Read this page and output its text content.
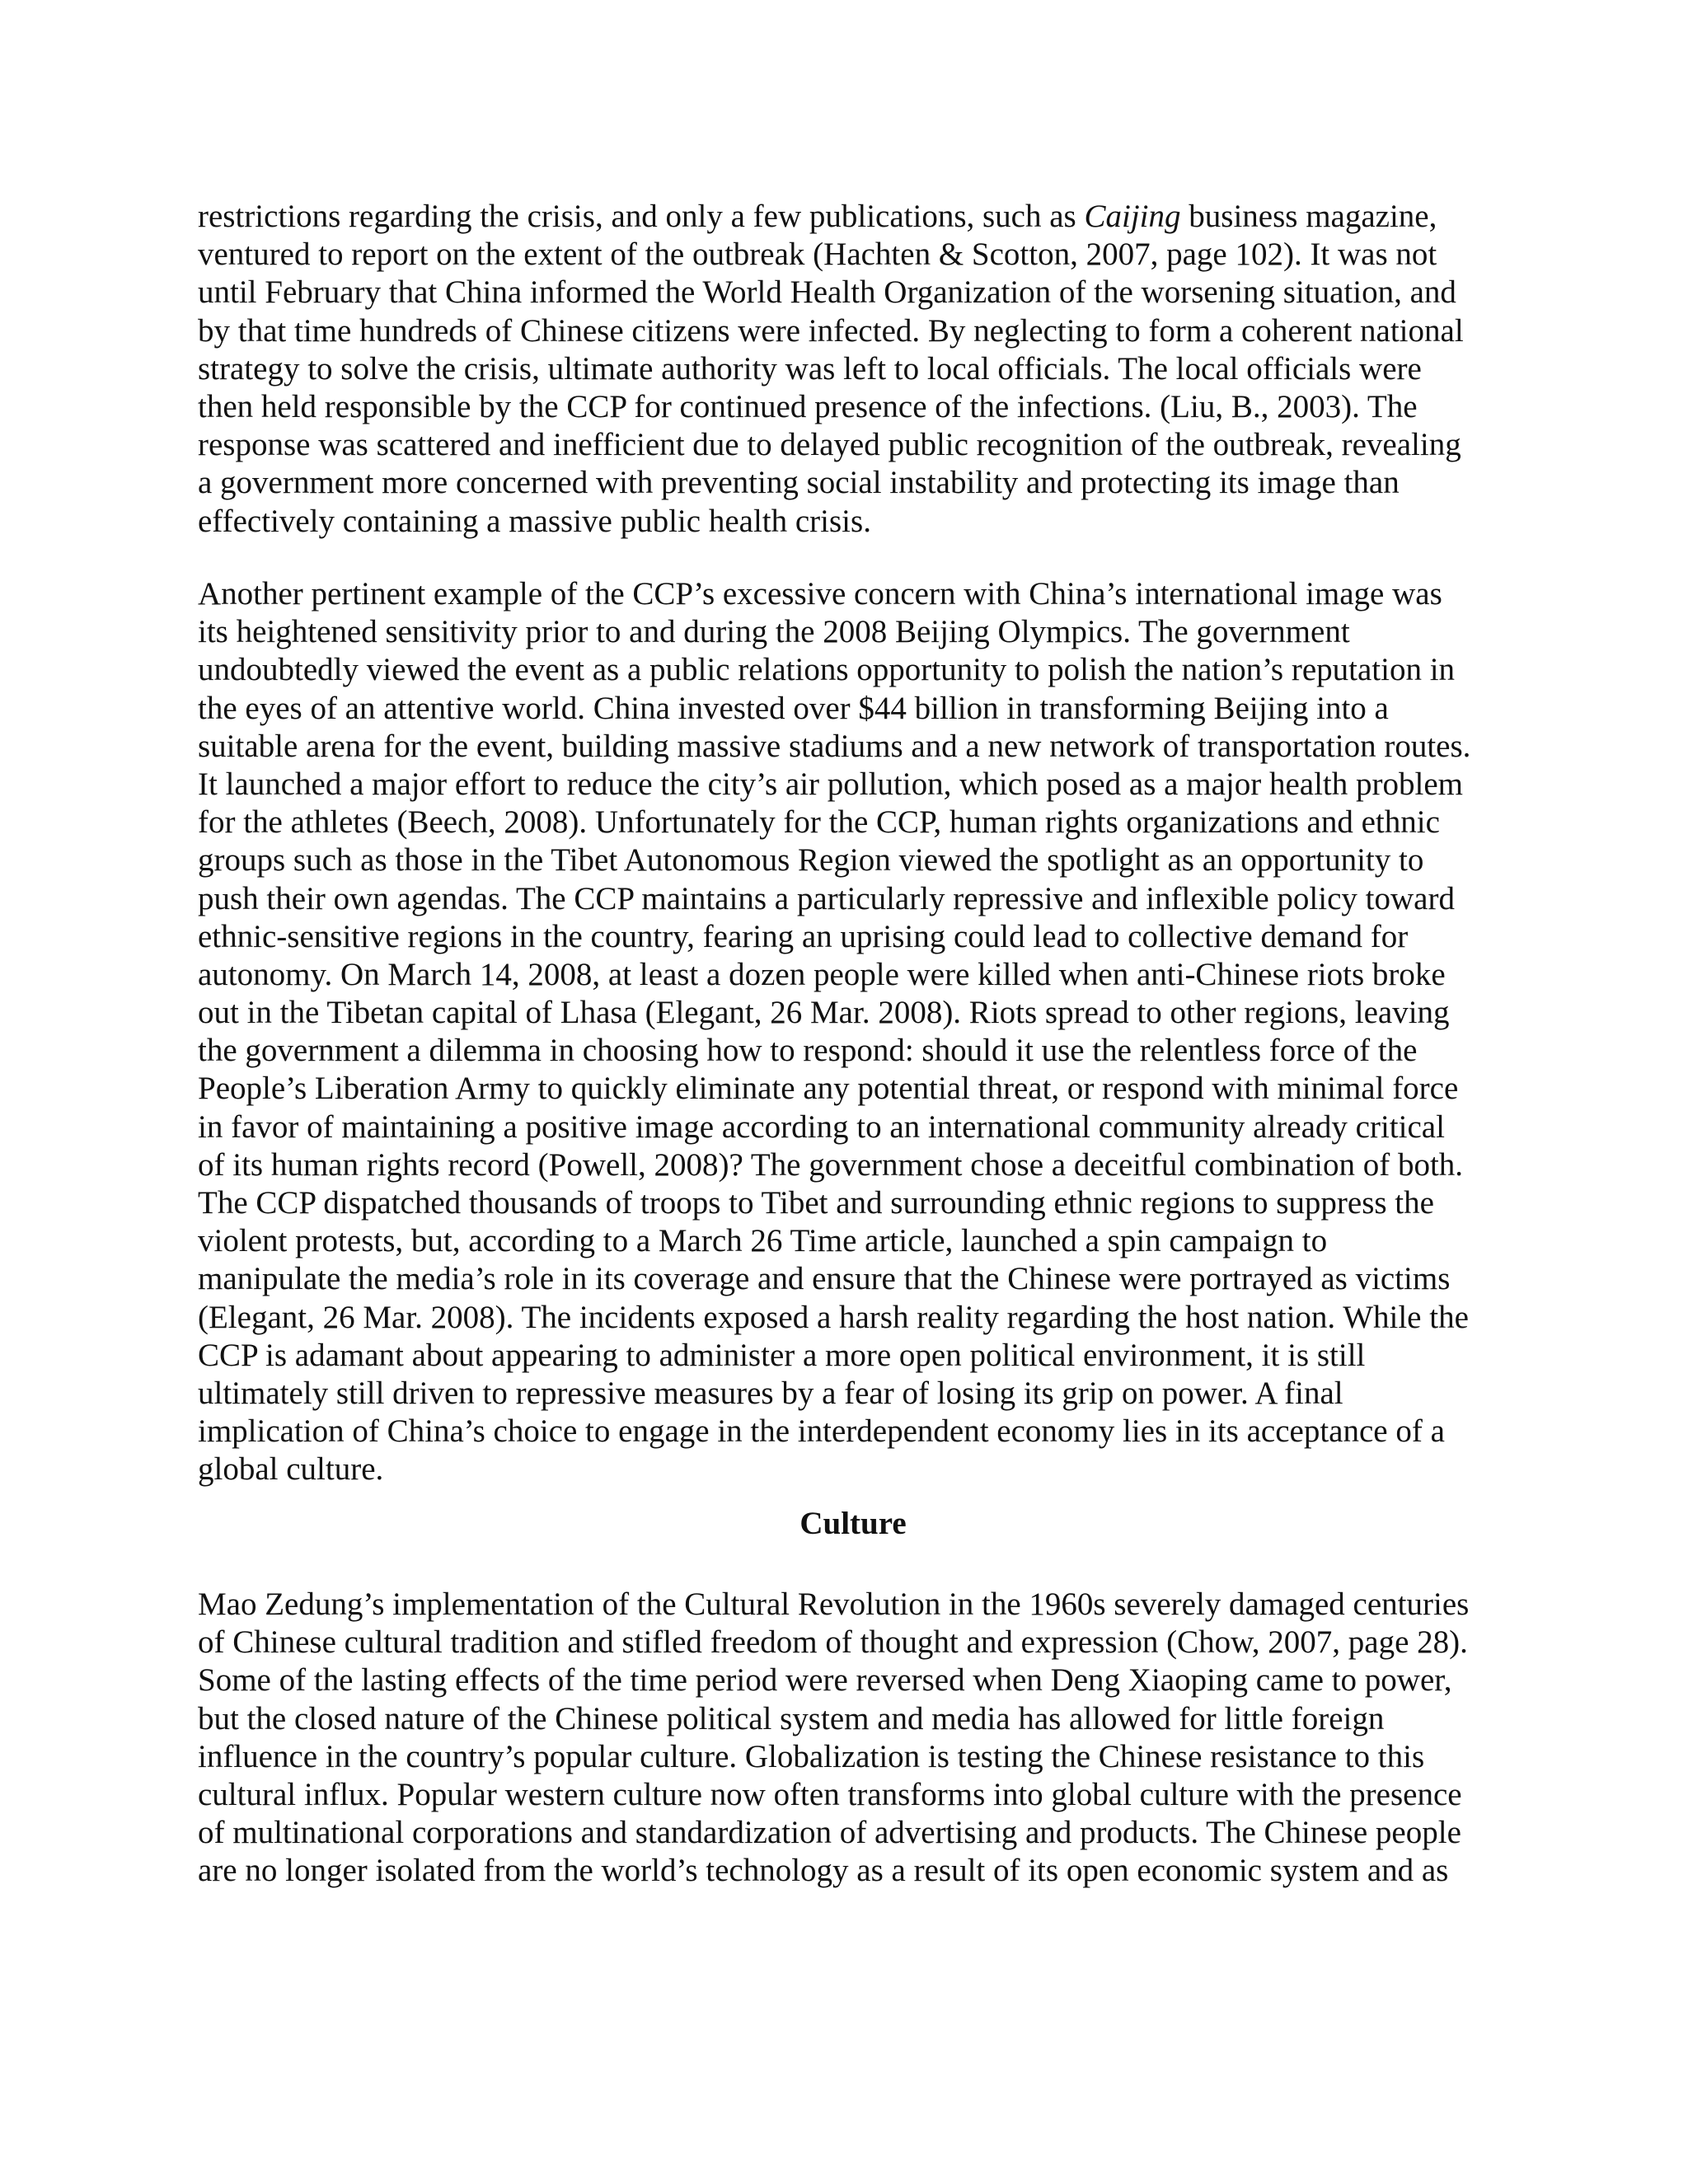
restrictions regarding the crisis, and only a few publications, such as Caijing business magazine,
ventured to report on the extent of the outbreak (Hachten & Scotton, 2007, page 102). It was not
until February that China informed the World Health Organization of the worsening situation, and
by that time hundreds of Chinese citizens were infected. By neglecting to form a coherent national
strategy to solve the crisis, ultimate authority was left to local officials. The local officials were
then held responsible by the CCP for continued presence of the infections. (Liu, B., 2003). The
response was scattered and inefficient due to delayed public recognition of the outbreak, revealing
a government more concerned with preventing social instability and protecting its image than
effectively containing a massive public health crisis.
Another pertinent example of the CCP’s excessive concern with China’s international image was
its heightened sensitivity prior to and during the 2008 Beijing Olympics. The government
undoubtedly viewed the event as a public relations opportunity to polish the nation’s reputation in
the eyes of an attentive world. China invested over $44 billion in transforming Beijing into a
suitable arena for the event, building massive stadiums and a new network of transportation routes.
It launched a major effort to reduce the city’s air pollution, which posed as a major health problem
for the athletes (Beech, 2008). Unfortunately for the CCP, human rights organizations and ethnic
groups such as those in the Tibet Autonomous Region viewed the spotlight as an opportunity to
push their own agendas. The CCP maintains a particularly repressive and inflexible policy toward
ethnic-sensitive regions in the country, fearing an uprising could lead to collective demand for
autonomy. On March 14, 2008, at least a dozen people were killed when anti-Chinese riots broke
out in the Tibetan capital of Lhasa (Elegant, 26 Mar. 2008). Riots spread to other regions, leaving
the government a dilemma in choosing how to respond: should it use the relentless force of the
People’s Liberation Army to quickly eliminate any potential threat, or respond with minimal force
in favor of maintaining a positive image according to an international community already critical
of its human rights record (Powell, 2008)? The government chose a deceitful combination of both.
The CCP dispatched thousands of troops to Tibet and surrounding ethnic regions to suppress the
violent protests, but, according to a March 26 Time article, launched a spin campaign to
manipulate the media’s role in its coverage and ensure that the Chinese were portrayed as victims
(Elegant, 26 Mar. 2008). The incidents exposed a harsh reality regarding the host nation. While the
CCP is adamant about appearing to administer a more open political environment, it is still
ultimately still driven to repressive measures by a fear of losing its grip on power. A final
implication of China’s choice to engage in the interdependent economy lies in its acceptance of a
global culture.
Culture
Mao Zedung’s implementation of the Cultural Revolution in the 1960s severely damaged centuries
of Chinese cultural tradition and stifled freedom of thought and expression (Chow, 2007, page 28).
Some of the lasting effects of the time period were reversed when Deng Xiaoping came to power,
but the closed nature of the Chinese political system and media has allowed for little foreign
influence in the country’s popular culture. Globalization is testing the Chinese resistance to this
cultural influx. Popular western culture now often transforms into global culture with the presence
of multinational corporations and standardization of advertising and products. The Chinese people
are no longer isolated from the world’s technology as a result of its open economic system and as
